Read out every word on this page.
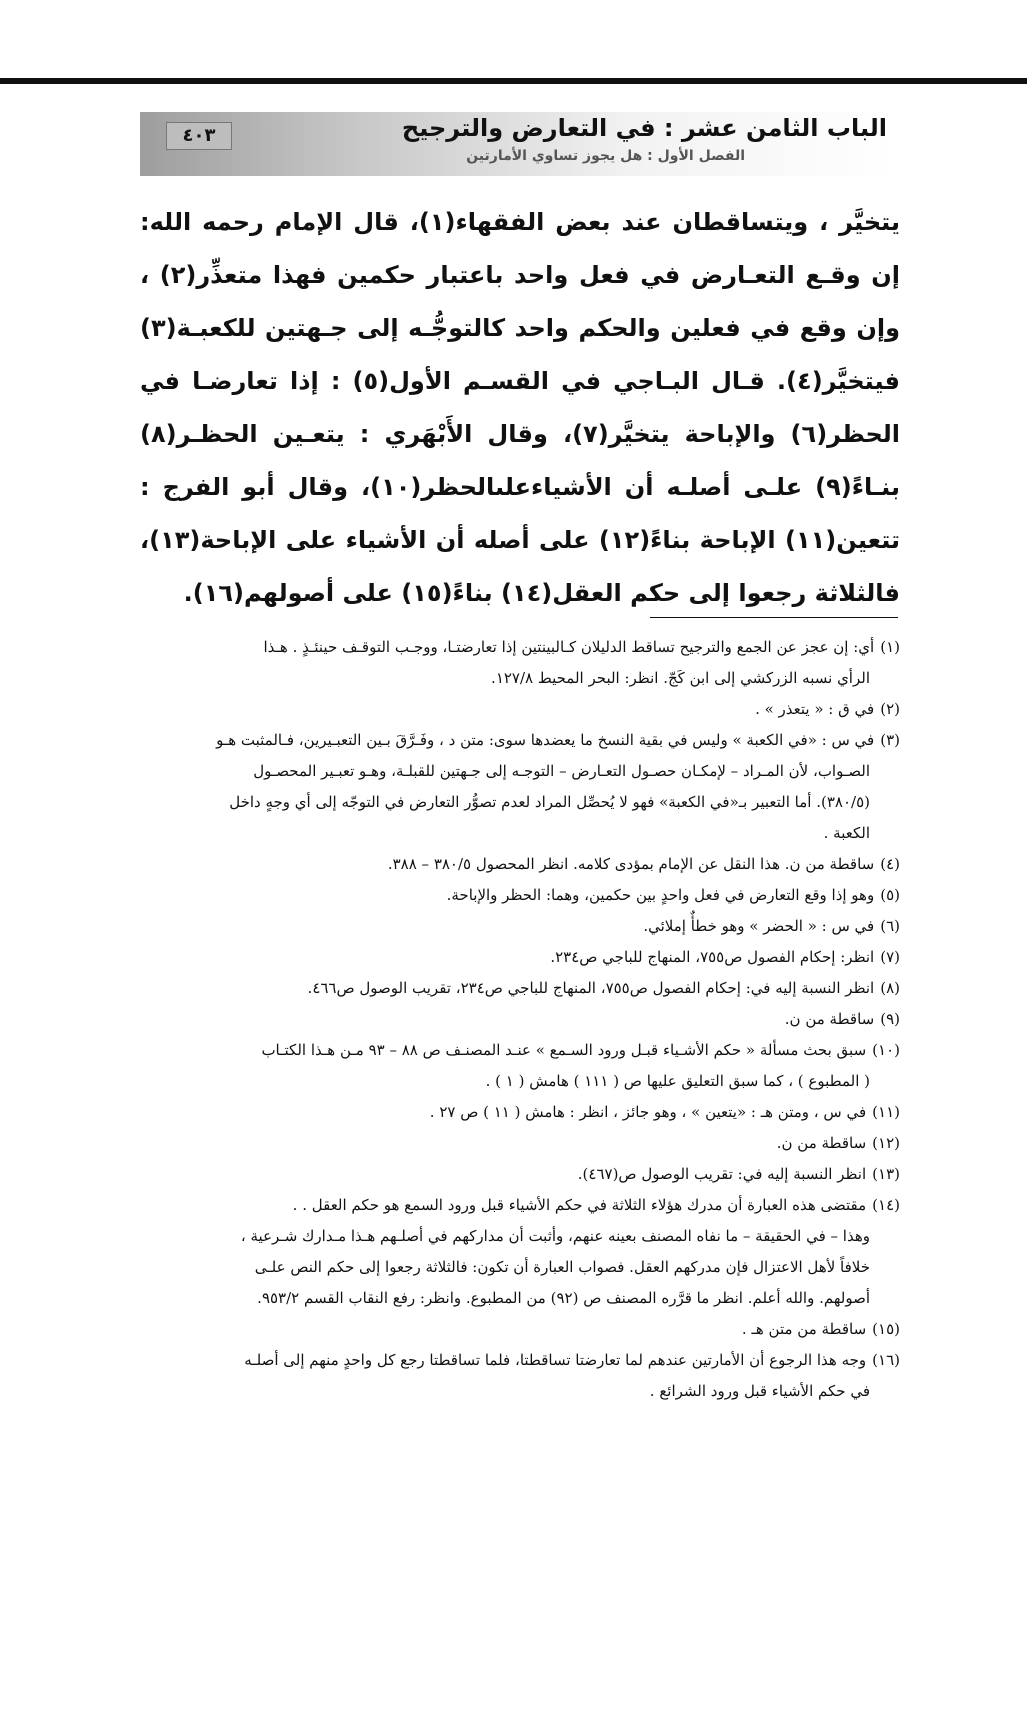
الباب الثامن عشر : في التعارض والترجيح
الفصل الأول : هل يجوز تساوي الأمارتين
٤٠٣
يتخيَّر ، ويتساقطان عند بعض الفقهاء(١)، قال الإمام رحمه الله: إن وقـع التعـارض في فعل واحد باعتبار حكمين فهذا متعذِّر(٢) ، وإن وقع في فعلين والحكم واحد كالتوجُّـه إلى جـهتين للكعبـة(٣) فيتخيَّر(٤). قـال البـاجي في القسـم الأول(٥) : إذا تعارضـا في الحظر(٦) والإباحة يتخيَّر(٧)، وقال الأَبْهَري : يتعـين الحظـر(٨) بنـاءً(٩) علـى أصلـه أن الأشياءعلىالحظر(١٠)، وقال أبو الفرج : تتعين(١١) الإباحة بناءً(١٢) على أصله أن الأشياء على الإباحة(١٣)، فالثلاثة رجعوا إلى حكم العقل(١٤) بناءً(١٥) على أصولهم(١٦).
(١)أي: إن عجز عن الجمع والترجيح تساقط الدليلان كـالبينتين إذا تعارضتـا، ووجـب التوقـف حينئـذٍ . هـذا
الرأي نسبه الزركشي إلى ابن كَجّ. انظر: البحر المحيط ١٢٧/٨.
(٢)في ق : « يتعذر » .
(٣)في س : «في الكعبة » وليس في بقية النسخ ما يعضدها سوى: متن د ، وفَـرَّقَ بـين التعبـيرين، فـالمثبت هـو
الصـواب، لأن المـراد – لإمكـان حصـول التعـارض – التوجـه إلى جـهتين للقبلـة، وهـو تعبـير المحصـول
(٣٨٠/٥). أما التعبير بـ«في الكعبة» فهو لا يُحصِّل المراد لعدم تصوُّر التعارض في التوجّه إلى أي وجهٍ داخل
الكعبة .
(٤)ساقطة من ن. هذا النقل عن الإمام بمؤدى كلامه. انظر المحصول ٣٨٠/٥ – ٣٨٨.
(٥)وهو إذا وقع التعارض في فعل واحدٍ بين حكمين، وهما: الحظر والإباحة.
(٦)في س : « الحضر » وهو خطأٌ إملائي.
(٧)انظر: إحكام الفصول ص٧٥٥، المنهاج للباجي ص٢٣٤.
(٨)انظر النسبة إليه في: إحكام الفصول ص٧٥٥، المنهاج للباجي ص٢٣٤، تقريب الوصول ص٤٦٦.
(٩)ساقطة من ن.
(١٠)سبق بحث مسألة « حكم الأشـياء قبـل ورود السـمع » عنـد المصنـف ص ٨٨ – ٩٣ مـن هـذا الكتـاب
( المطبوع ) ، كما سبق التعليق عليها ص ( ١١١ ) هامش ( ١ ) .
(١١)في س ، ومتن هـ : «يتعين » ، وهو جائز ، انظر : هامش ( ١١ ) ص ٢٧ .
(١٢)ساقطة من ن.
(١٣)انظر النسبة إليه في: تقريب الوصول ص(٤٦٧).
(١٤)مقتضى هذه العبارة أن مدرك هؤلاء الثلاثة في حكم الأشياء قبل ورود السمع هو حكم العقل . .
وهذا – في الحقيقة – ما نفاه المصنف بعينه عنهم، وأثبت أن مداركهم في أصلـهم هـذا مـدارك شـرعية ،
خلافاً لأهل الاعتزال فإن مدركهم العقل. فصواب العبارة أن تكون: فالثلاثة رجعوا إلى حكم النص علـى
أصولهم. والله أعلم. انظر ما قرَّره المصنف ص (٩٢) من المطبوع. وانظر: رفع النقاب القسم ٩٥٣/٢.
(١٥)ساقطة من متن هـ .
(١٦)وجه هذا الرجوع أن الأمارتين عندهم لما تعارضتا تساقطتا، فلما تساقطتا رجع كل واحدٍ منهم إلى أصلـه
في حكم الأشياء قبل ورود الشرائع .
